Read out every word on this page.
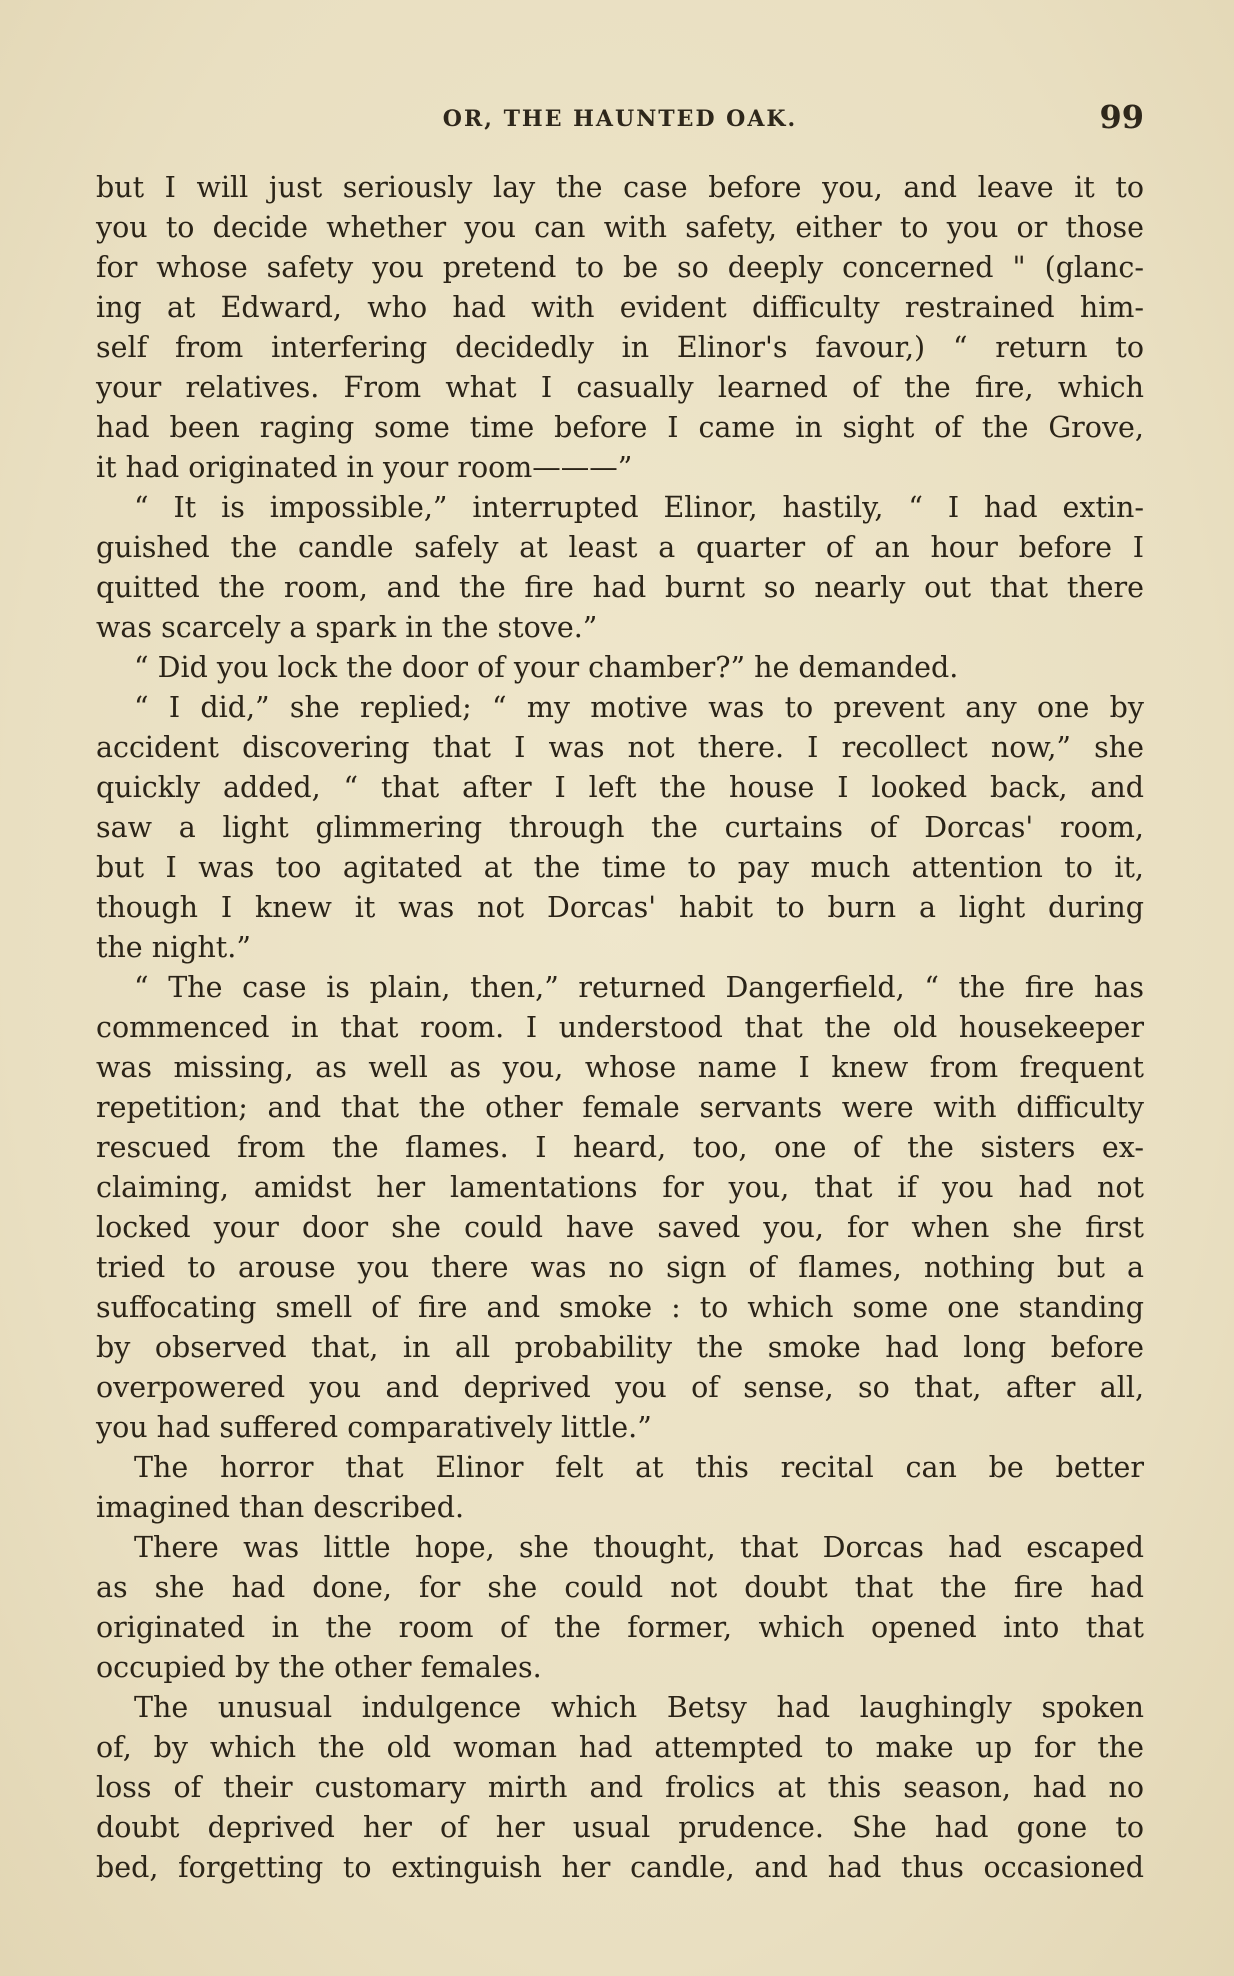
OR, THE HAUNTED OAK.	99
but I will just seriously lay the case before you, and leave it to
you to decide whether you can with safety, either to you or those
for whose safety you pretend to be so deeply concerned " (glanc-
ing at Edward, who had with evident difficulty restrained him-
self from interfering decidedly in Elinor's favour,) “ return to
your relatives. From what I casually learned of the fire, which
had been raging some time before I came in sight of the Grove,
it had originated in your room———”
“ It is impossible,” interrupted Elinor, hastily, “ I had extin-
guished the candle safely at least a quarter of an hour before I
quitted the room, and the fire had burnt so nearly out that there
was scarcely a spark in the stove.”
“ Did you lock the door of your chamber?” he demanded.
“ I did,” she replied; “ my motive was to prevent any one by
accident discovering that I was not there. I recollect now,” she
quickly added, “ that after I left the house I looked back, and
saw a light glimmering through the curtains of Dorcas' room,
but I was too agitated at the time to pay much attention to it,
though I knew it was not Dorcas' habit to burn a light during
the night.”
“ The case is plain, then,” returned Dangerfield, “ the fire has
commenced in that room. I understood that the old housekeeper
was missing, as well as you, whose name I knew from frequent
repetition; and that the other female servants were with difficulty
rescued from the flames. I heard, too, one of the sisters ex-
claiming, amidst her lamentations for you, that if you had not
locked your door she could have saved you, for when she first
tried to arouse you there was no sign of flames, nothing but a
suffocating smell of fire and smoke : to which some one standing
by observed that, in all probability the smoke had long before
overpowered you and deprived you of sense, so that, after all,
you had suffered comparatively little.”
The horror that Elinor felt at this recital can be better
imagined than described.
There was little hope, she thought, that Dorcas had escaped
as she had done, for she could not doubt that the fire had
originated in the room of the former, which opened into that
occupied by the other females.
The unusual indulgence which Betsy had laughingly spoken
of, by which the old woman had attempted to make up for the
loss of their customary mirth and frolics at this season, had no
doubt deprived her of her usual prudence. She had gone to
bed, forgetting to extinguish her candle, and had thus occasioned
